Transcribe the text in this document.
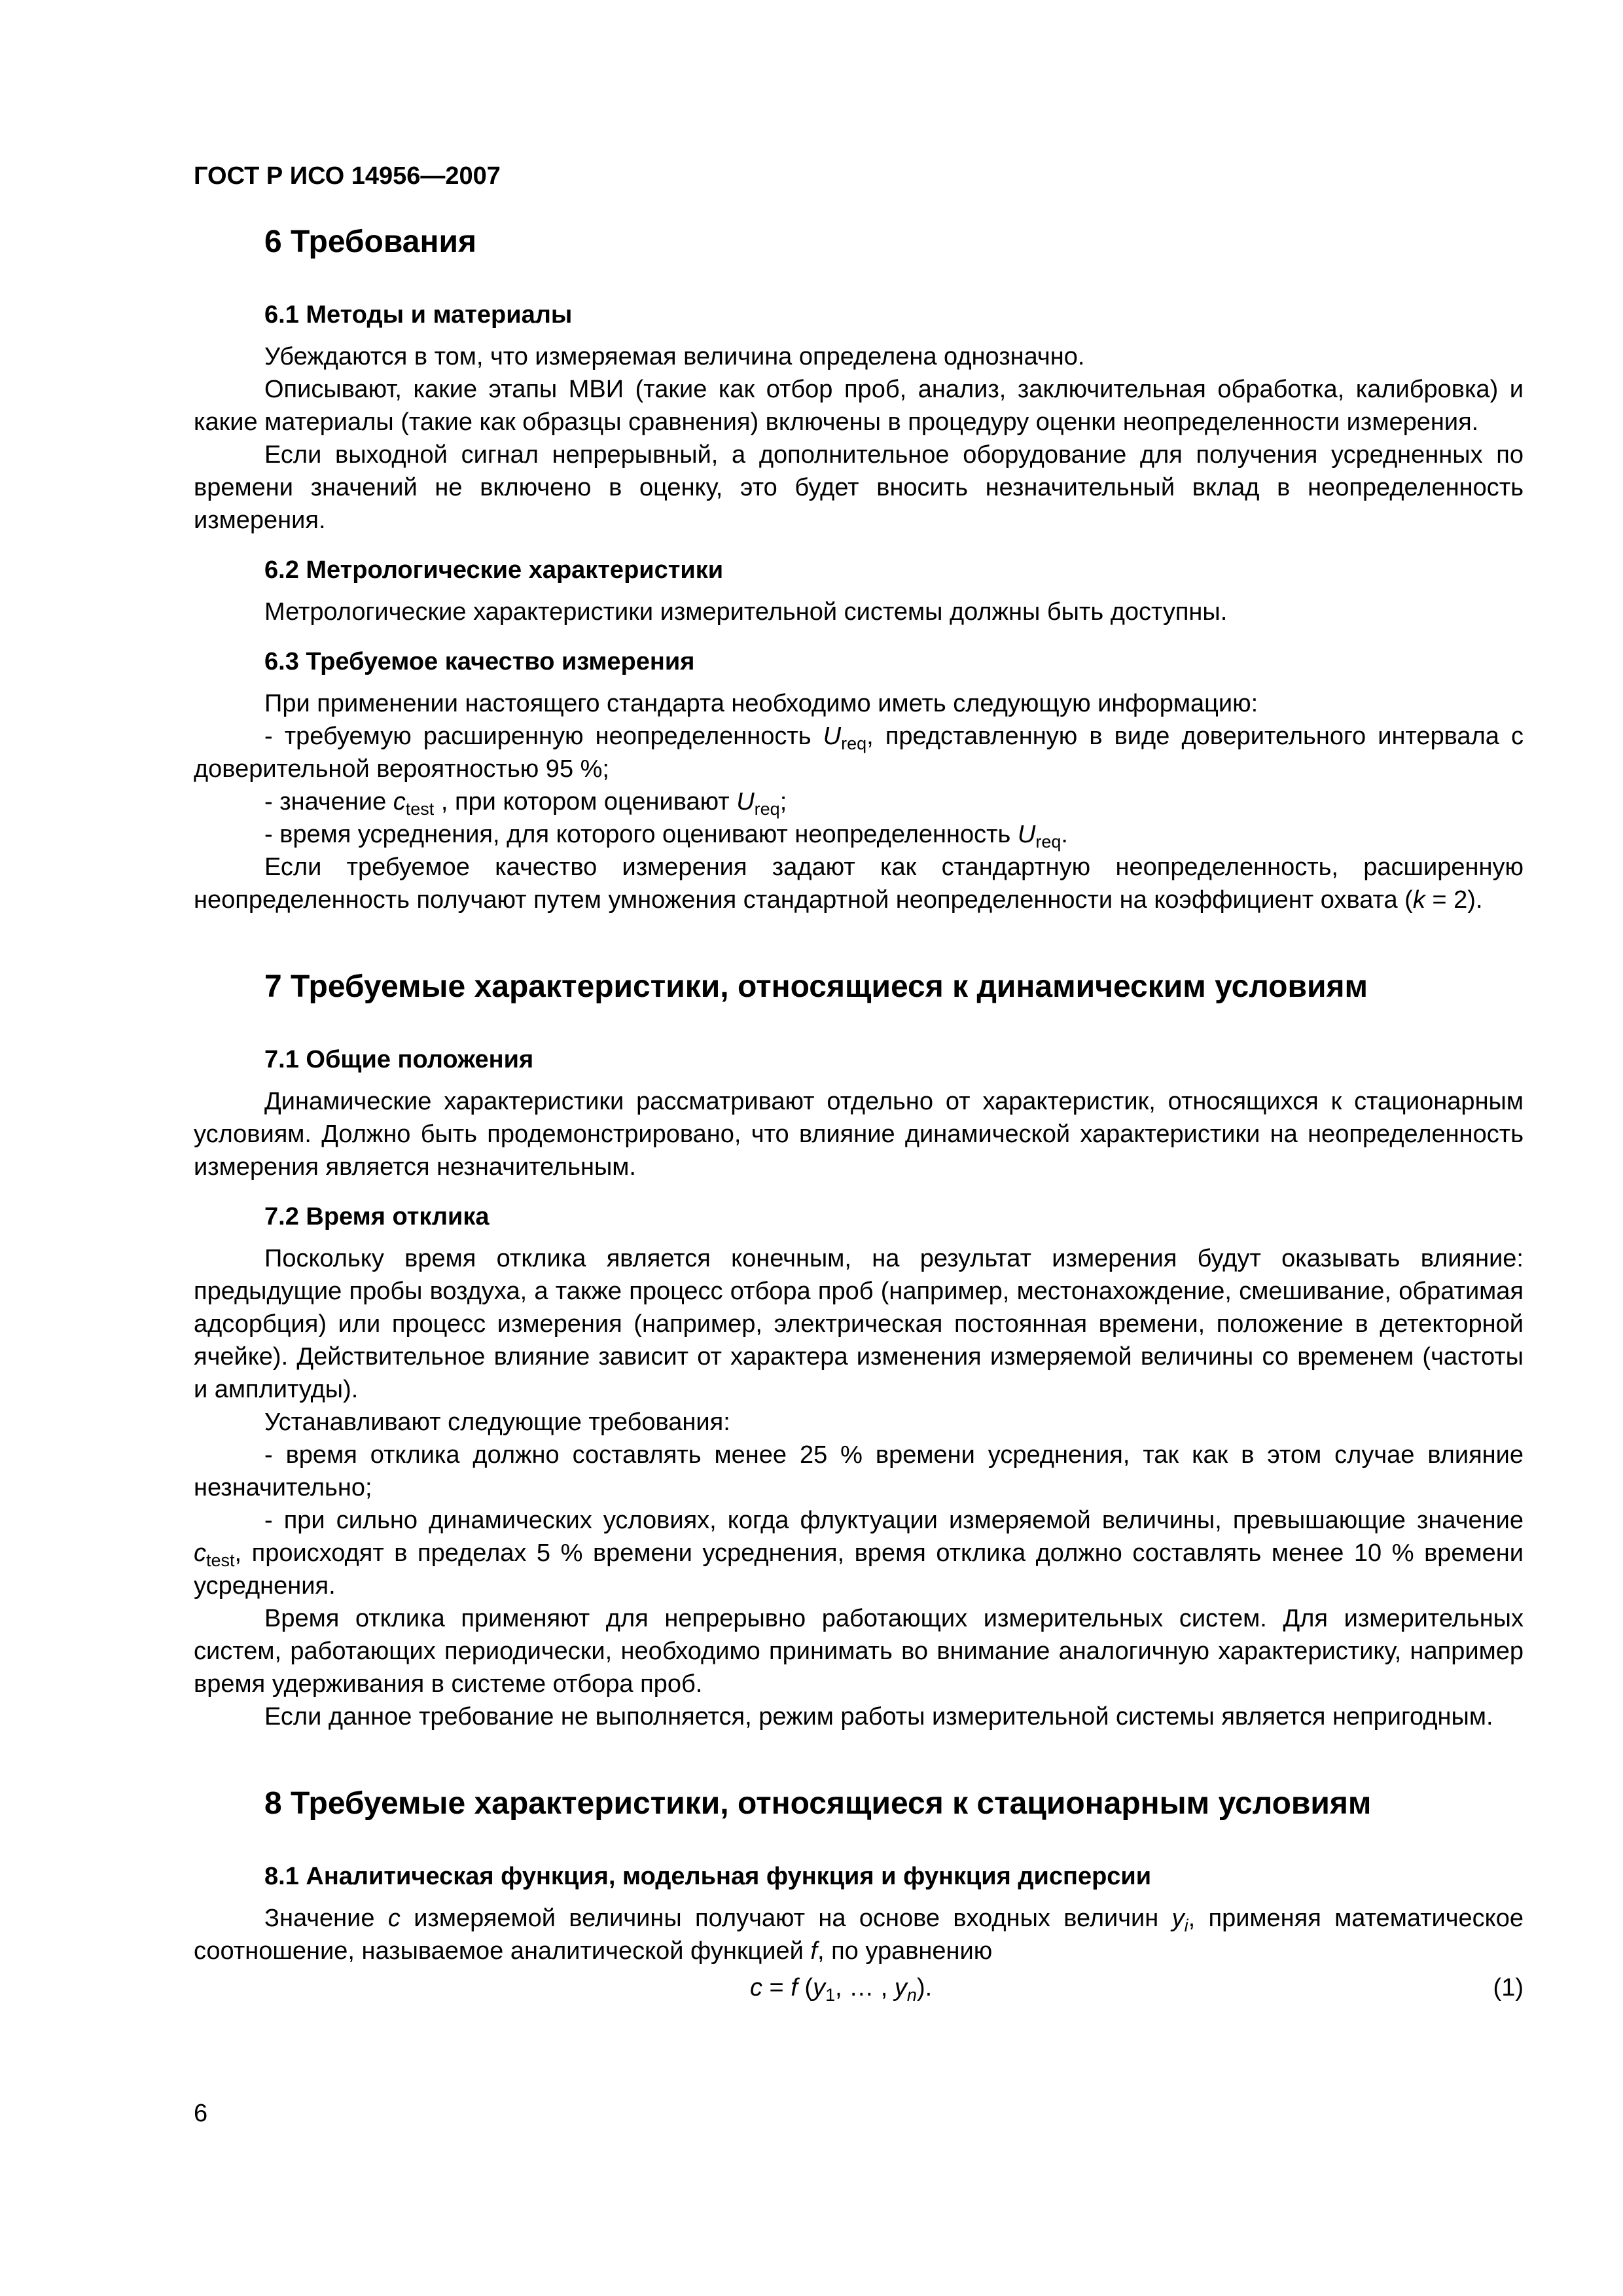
ГОСТ Р ИСО 14956—2007
6 Требования
6.1 Методы и материалы

Убеждаются в том, что измеряемая величина определена однозначно.

Описывают, какие этапы МВИ (такие как отбор проб, анализ, заключительная обработка, калибровка) и какие материалы (такие как образцы сравнения) включены в процедуру оценки неопределенности измерения.

Если выходной сигнал непрерывный, а дополнительное оборудование для получения усредненных по времени значений не включено в оценку, это будет вносить незначительный вклад в неопределенность измерения.

6.2 Метрологические характеристики

Метрологические характеристики измерительной системы должны быть доступны.

6.3 Требуемое качество измерения

При применении настоящего стандарта необходимо иметь следующую информацию:

- требуемую расширенную неопределенность $U_{req}$, представленную в виде доверительного интервала с доверительной вероятностью 95 %;

- значение $c_{test}$ , при котором оценивают $U_{req}$;

- время усреднения, для которого оценивают неопределенность $U_{req}$.

Если требуемое качество измерения задают как стандартную неопределенность, расширенную неопределенность получают путем умножения стандартной неопределенности на коэффициент охвата (k = 2).

7 Требуемые характеристики, относящиеся к динамическим условиям
7.1 Общие положения

Динамические характеристики рассматривают отдельно от характеристик, относящихся к стационарным условиям. Должно быть продемонстрировано, что влияние динамической характеристики на неопределенность измерения является незначительным.

7.2 Время отклика

Поскольку время отклика является конечным, на результат измерения будут оказывать влияние: предыдущие пробы воздуха, а также процесс отбора проб (например, местонахождение, смешивание, обратимая адсорбция) или процесс измерения (например, электрическая постоянная времени, положение в детекторной ячейке). Действительное влияние зависит от характера изменения измеряемой величины со временем (частоты и амплитуды).

Устанавливают следующие требования:

- время отклика должно составлять менее 25 % времени усреднения, так как в этом случае влияние незначительно;

- при сильно динамических условиях, когда флуктуации измеряемой величины, превышающие значение $c_{test}$, происходят в пределах 5 % времени усреднения, время отклика должно составлять менее 10 % времени усреднения.

Время отклика применяют для непрерывно работающих измерительных систем. Для измерительных систем, работающих периодически, необходимо принимать во внимание аналогичную характеристику, например время удерживания в системе отбора проб.

Если данное требование не выполняется, режим работы измерительной системы является непригодным.

8 Требуемые характеристики, относящиеся к стационарным условиям
8.1 Аналитическая функция, модельная функция и функция дисперсии

Значение c измеряемой величины получают на основе входных величин $y_i$, применяя математическое соотношение, называемое аналитической функцией f, по уравнению

c = f ($y_1$, … , $y_n$).	(1)
6
